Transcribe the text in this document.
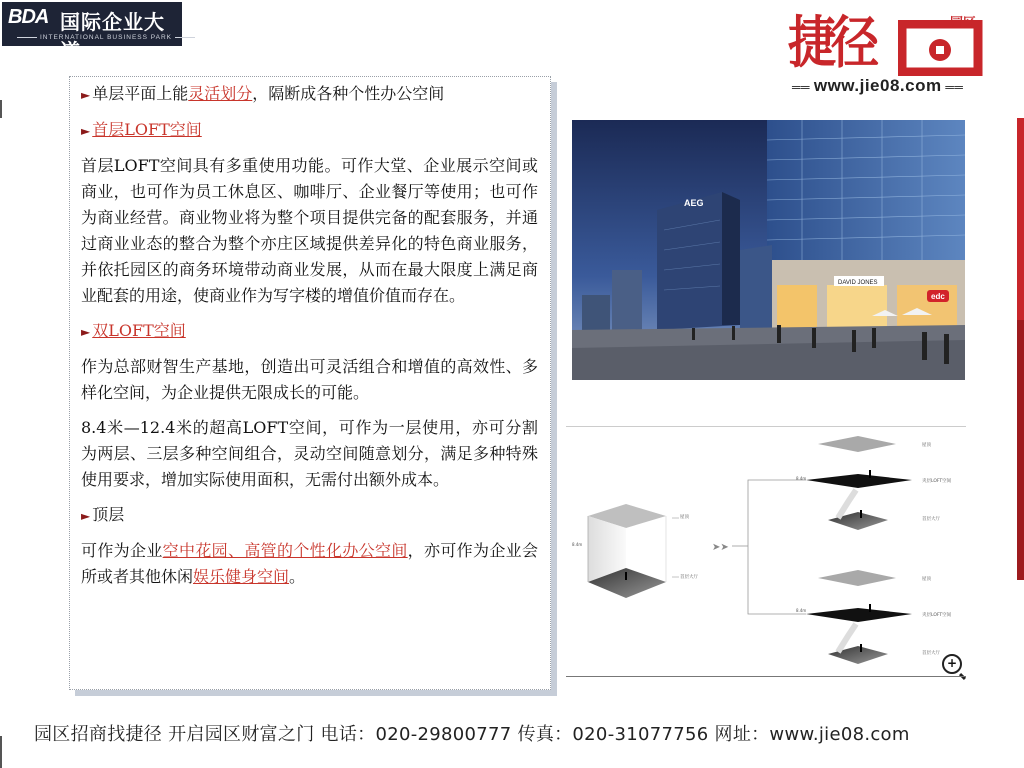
BDA 国际企业大道
INTERNATIONAL BUSINESS PARK	捷径	园区
══ www.jie08.com ══

► 单层平面上能灵活划分，隔断成各种个性办公空间

► 首层LOFT空间

首层LOFT空间具有多重使用功能。可作大堂、企业展示空间或商业，也可作为员工休息区、咖啡厅、企业餐厅等使用；也可作为商业经营。商业物业将为整个项目提供完备的配套服务，并通过商业业态的整合为整个亦庄区域提供差异化的特色商业服务，并依托园区的商务环境带动商业发展，从而在最大限度上满足商业配套的用途，使商业作为写字楼的增值价值而存在。

► 双LOFT空间

作为总部财智生产基地，创造出可灵活组合和增值的高效性、多样化空间，为企业提供无限成长的可能。

8.4米—12.4米的超高LOFT空间，可作为一层使用，亦可分割为两层、三层多种空间组合，灵动空间随意划分，满足多种特殊使用要求，增加实际使用面积，无需付出额外成本。

► 顶层

可作为企业空中花园、高管的个性化办公空间，亦可作为企业会所或者其他休闲娱乐健身空间。

AEG
DAVID JONES
edc
屋顶
首层大厅
8.4m	➤➤
屋顶
夹层LOFT空间
首层大厅
8.4m
屋顶
夹层LOFT空间
首层大厅
8.4m
+
园区招商找捷径 开启园区财富之门 电话：020-29800777 传真：020-31077756 网址：www.jie08.com
